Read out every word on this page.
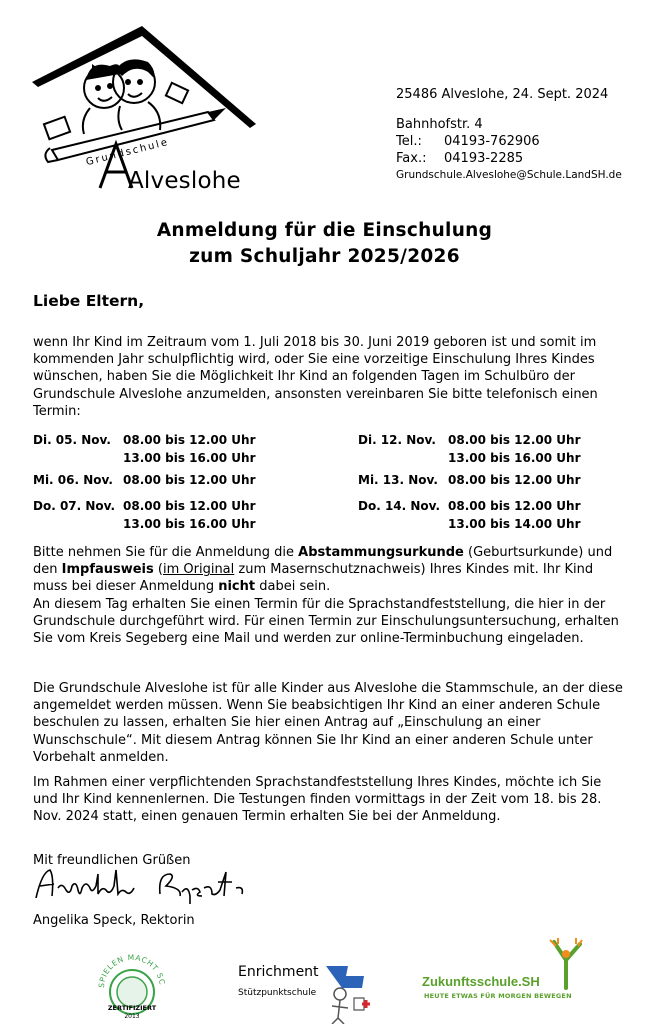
Grundschule
Alveslohe
25486 Alveslohe, 24. Sept. 2024
Bahnhofstr. 4
Tel.: 04193-762906
Fax.: 04193-2285
Grundschule.Alveslohe@Schule.LandSH.de
Anmeldung für die Einschulung
zum Schuljahr 2025/2026
Liebe Eltern,
wenn Ihr Kind im Zeitraum vom 1. Juli 2018 bis 30. Juni 2019 geboren ist und somit im kommenden Jahr schulpflichtig wird, oder Sie eine vorzeitige Einschulung Ihres Kindes wünschen, haben Sie die Möglichkeit Ihr Kind an folgenden Tagen im Schulbüro der Grundschule Alveslohe anzumelden, ansonsten vereinbaren Sie bitte telefonisch einen Termin:
Di. 05. Nov. 08.00 bis 12.00 Uhr
13.00 bis 16.00 Uhr
Mi. 06. Nov. 08.00 bis 12.00 Uhr
Do. 07. Nov. 08.00 bis 12.00 Uhr
13.00 bis 16.00 Uhr
Di. 12. Nov. 08.00 bis 12.00 Uhr
13.00 bis 16.00 Uhr
Mi. 13. Nov. 08.00 bis 12.00 Uhr
Do. 14. Nov. 08.00 bis 12.00 Uhr
13.00 bis 14.00 Uhr
Bitte nehmen Sie für die Anmeldung die Abstammungsurkunde (Geburtsurkunde) und den Impfausweis (im Original zum Masernschutznachweis) Ihres Kindes mit. Ihr Kind muss bei dieser Anmeldung nicht dabei sein.
An diesem Tag erhalten Sie einen Termin für die Sprachstandfeststellung, die hier in der Grundschule durchgeführt wird. Für einen Termin zur Einschulungsuntersuchung, erhalten Sie vom Kreis Segeberg eine Mail und werden zur online-Terminbuchung eingeladen.
Die Grundschule Alveslohe ist für alle Kinder aus Alveslohe die Stammschule, an der diese angemeldet werden müssen. Wenn Sie beabsichtigen Ihr Kind an einer anderen Schule beschulen zu lassen, erhalten Sie hier einen Antrag auf „Einschulung an einer Wunschschule“. Mit diesem Antrag können Sie Ihr Kind an einer anderen Schule unter Vorbehalt anmelden.
Im Rahmen einer verpflichtenden Sprachstandfeststellung Ihres Kindes, möchte ich Sie und Ihr Kind kennenlernen. Die Testungen finden vormittags in der Zeit vom 18. bis 28. Nov. 2024 statt, einen genauen Termin erhalten Sie bei der Anmeldung.
Mit freundlichen Grüßen
Angelika Speck, Rektorin
SPIELEN MACHT SC
ZERTIFIZIERT
2013
Enrichment
Stützpunktschule
Zukunftsschule.SH
HEUTE ETWAS FÜR MORGEN BEWEGEN
